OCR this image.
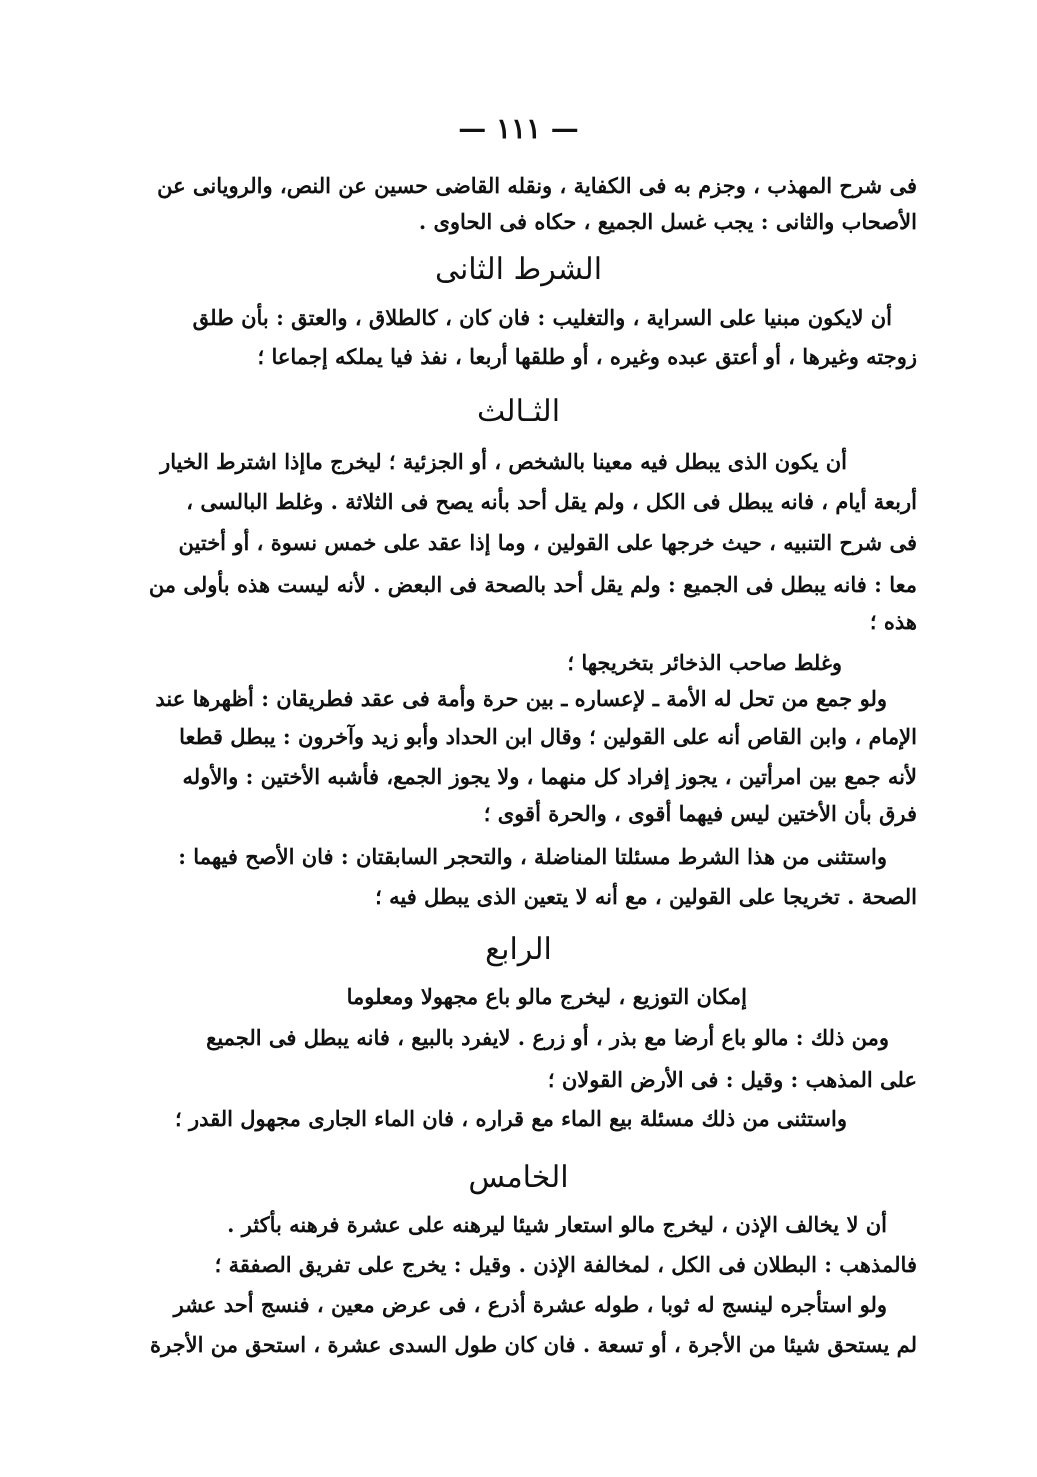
— ١١١ —
فى شرح المهذب ، وجزم به فى الكفاية ، ونقله القاضى حسين عن النص، والرويانى عن
الأصحاب والثانى : يجب غسل الجميع ، حكاه فى الحاوى .
الشرط الثانى
أن لايكون مبنيا على السراية ، والتغليب : فان كان ، كالطلاق ، والعتق : بأن طلق
زوجته وغيرها ، أو أعتق عبده وغيره ، أو طلقها أربعا ، نفذ فيا يملكه إجماعا ؛
الثـالث
أن يكون الذى يبطل فيه معينا بالشخص ، أو الجزئية ؛ ليخرج ماإذا اشترط الخيار
أربعة أيام ، فانه يبطل فى الكل ، ولم يقل أحد بأنه يصح فى الثلاثة . وغلط البالسى ،
فى شرح التنبيه ، حيث خرجها على القولين ، وما إذا عقد على خمس نسوة ، أو أختين
معا : فانه يبطل فى الجميع : ولم يقل أحد بالصحة فى البعض . لأنه ليست هذه بأولى من
هذه ؛
وغلط صاحب الذخائر بتخريجها ؛
ولو جمع من تحل له الأمة ـ لإعساره ـ بين حرة وأمة فى عقد فطريقان : أظهرها عند
الإمام ، وابن القاص أنه على القولين ؛ وقال ابن الحداد وأبو زيد وآخرون : يبطل قطعا
لأنه جمع بين امرأتين ، يجوز إفراد كل منهما ، ولا يجوز الجمع، فأشبه الأختين : والأوله
فرق بأن الأختين ليس فيهما أقوى ، والحرة أقوى ؛
واستثنى من هذا الشرط مسئلتا المناضلة ، والتحجر السابقتان : فان الأصح فيهما :
الصحة . تخريجا على القولين ، مع أنه لا يتعين الذى يبطل فيه ؛
الرابع
إمكان التوزيع ، ليخرج مالو باع مجهولا ومعلوما
ومن ذلك : مالو باع أرضا مع بذر ، أو زرع . لايفرد بالبيع ، فانه يبطل فى الجميع
على المذهب : وقيل : فى الأرض القولان ؛
واستثنى من ذلك مسئلة بيع الماء مع قراره ، فان الماء الجارى مجهول القدر ؛
الخامس
أن لا يخالف الإذن ، ليخرج مالو استعار شيئا ليرهنه على عشرة فرهنه بأكثر .
فالمذهب : البطلان فى الكل ، لمخالفة الإذن . وقيل : يخرج على تفريق الصفقة ؛
ولو استأجره لينسج له ثوبا ، طوله عشرة أذرع ، فى عرض معين ، فنسج أحد عشر
لم يستحق شيئا من الأجرة ، أو تسعة . فان كان طول السدى عشرة ، استحق من الأجرة
